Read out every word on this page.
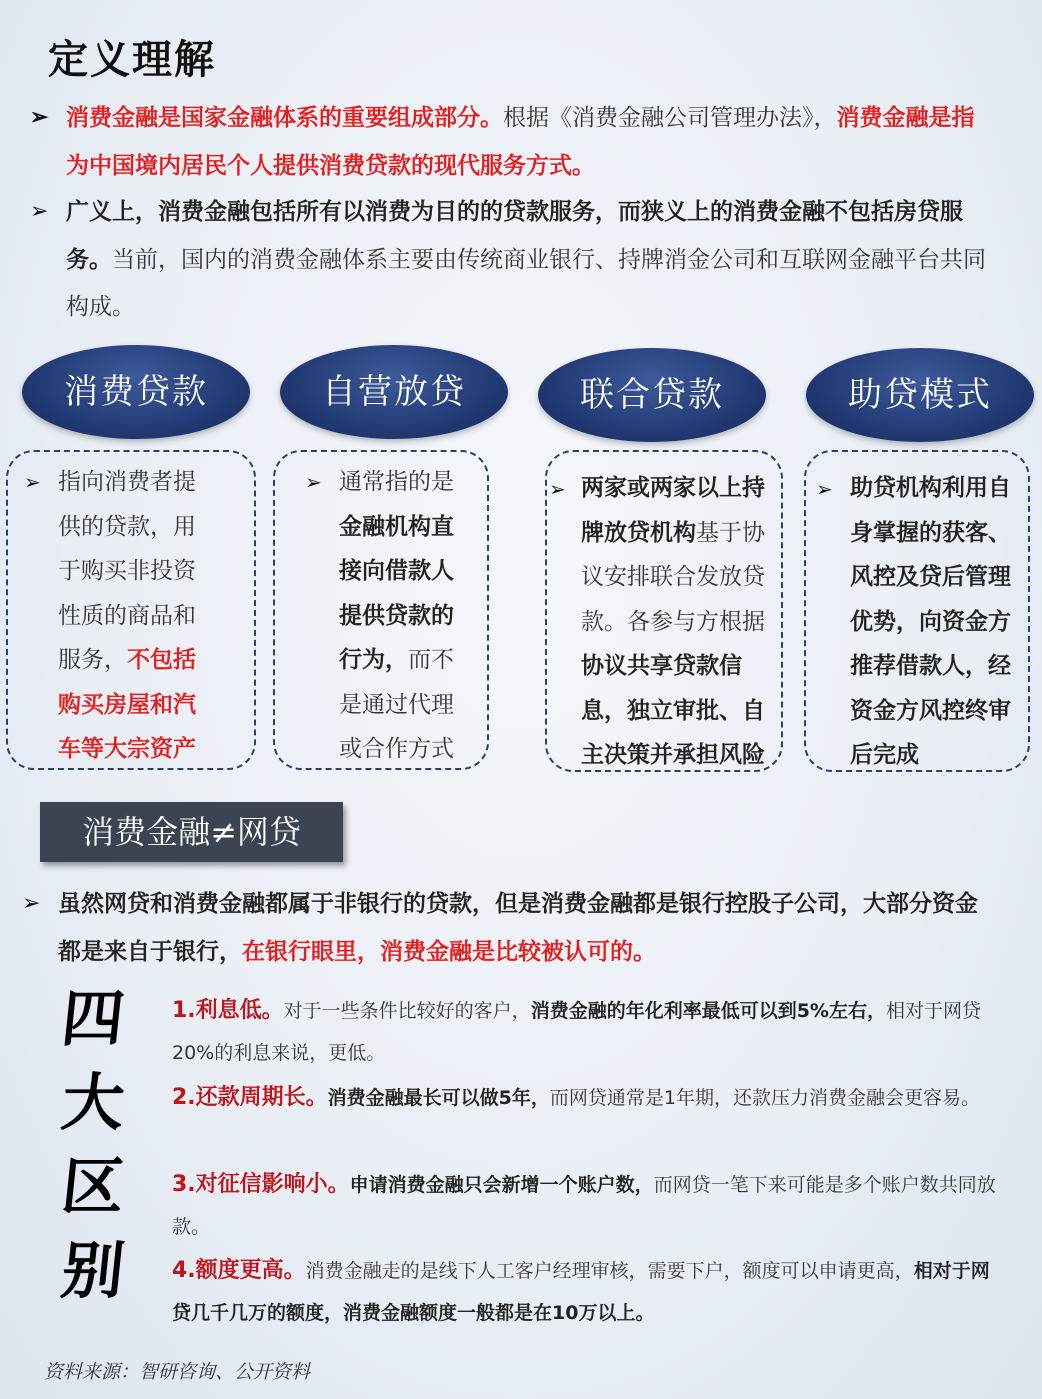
定义理解
➢ 消费金融是国家金融体系的重要组成部分。根据《消费金融公司管理办法》，消费金融是指为中国境内居民个人提供消费贷款的现代服务方式。
➢ 广义上，消费金融包括所有以消费为目的的贷款服务，而狭义上的消费金融不包括房贷服务。当前，国内的消费金融体系主要由传统商业银行、持牌消金公司和互联网金融平台共同构成。
消费贷款	自营放贷	联合贷款	助贷模式
➢ 指向消费者提供的贷款，用于购买非投资性质的商品和服务，不包括购买房屋和汽车等大宗资产
➢ 通常指的是金融机构直接向借款人提供贷款的行为，而不是通过代理或合作方式
➢ 两家或两家以上持牌放贷机构基于协议安排联合发放贷款。各参与方根据协议共享贷款信息，独立审批、自主决策并承担风险
➢ 助贷机构利用自身掌握的获客、风控及贷后管理优势，向资金方推荐借款人，经资金方风控终审后完成
消费金融≠网贷
➢ 虽然网贷和消费金融都属于非银行的贷款，但是消费金融都是银行控股子公司，大部分资金都是来自于银行，在银行眼里，消费金融是比较被认可的。
四
大
区
别
1.利息低。对于一些条件比较好的客户，消费金融的年化利率最低可以到5%左右，相对于网贷20%的利息来说，更低。
2.还款周期长。消费金融最长可以做5年，而网贷通常是1年期，还款压力消费金融会更容易。
3.对征信影响小。申请消费金融只会新增一个账户数，而网贷一笔下来可能是多个账户数共同放款。
4.额度更高。消费金融走的是线下人工客户经理审核，需要下户，额度可以申请更高，相对于网贷几千几万的额度，消费金融额度一般都是在10万以上。
资料来源：智研咨询、公开资料
